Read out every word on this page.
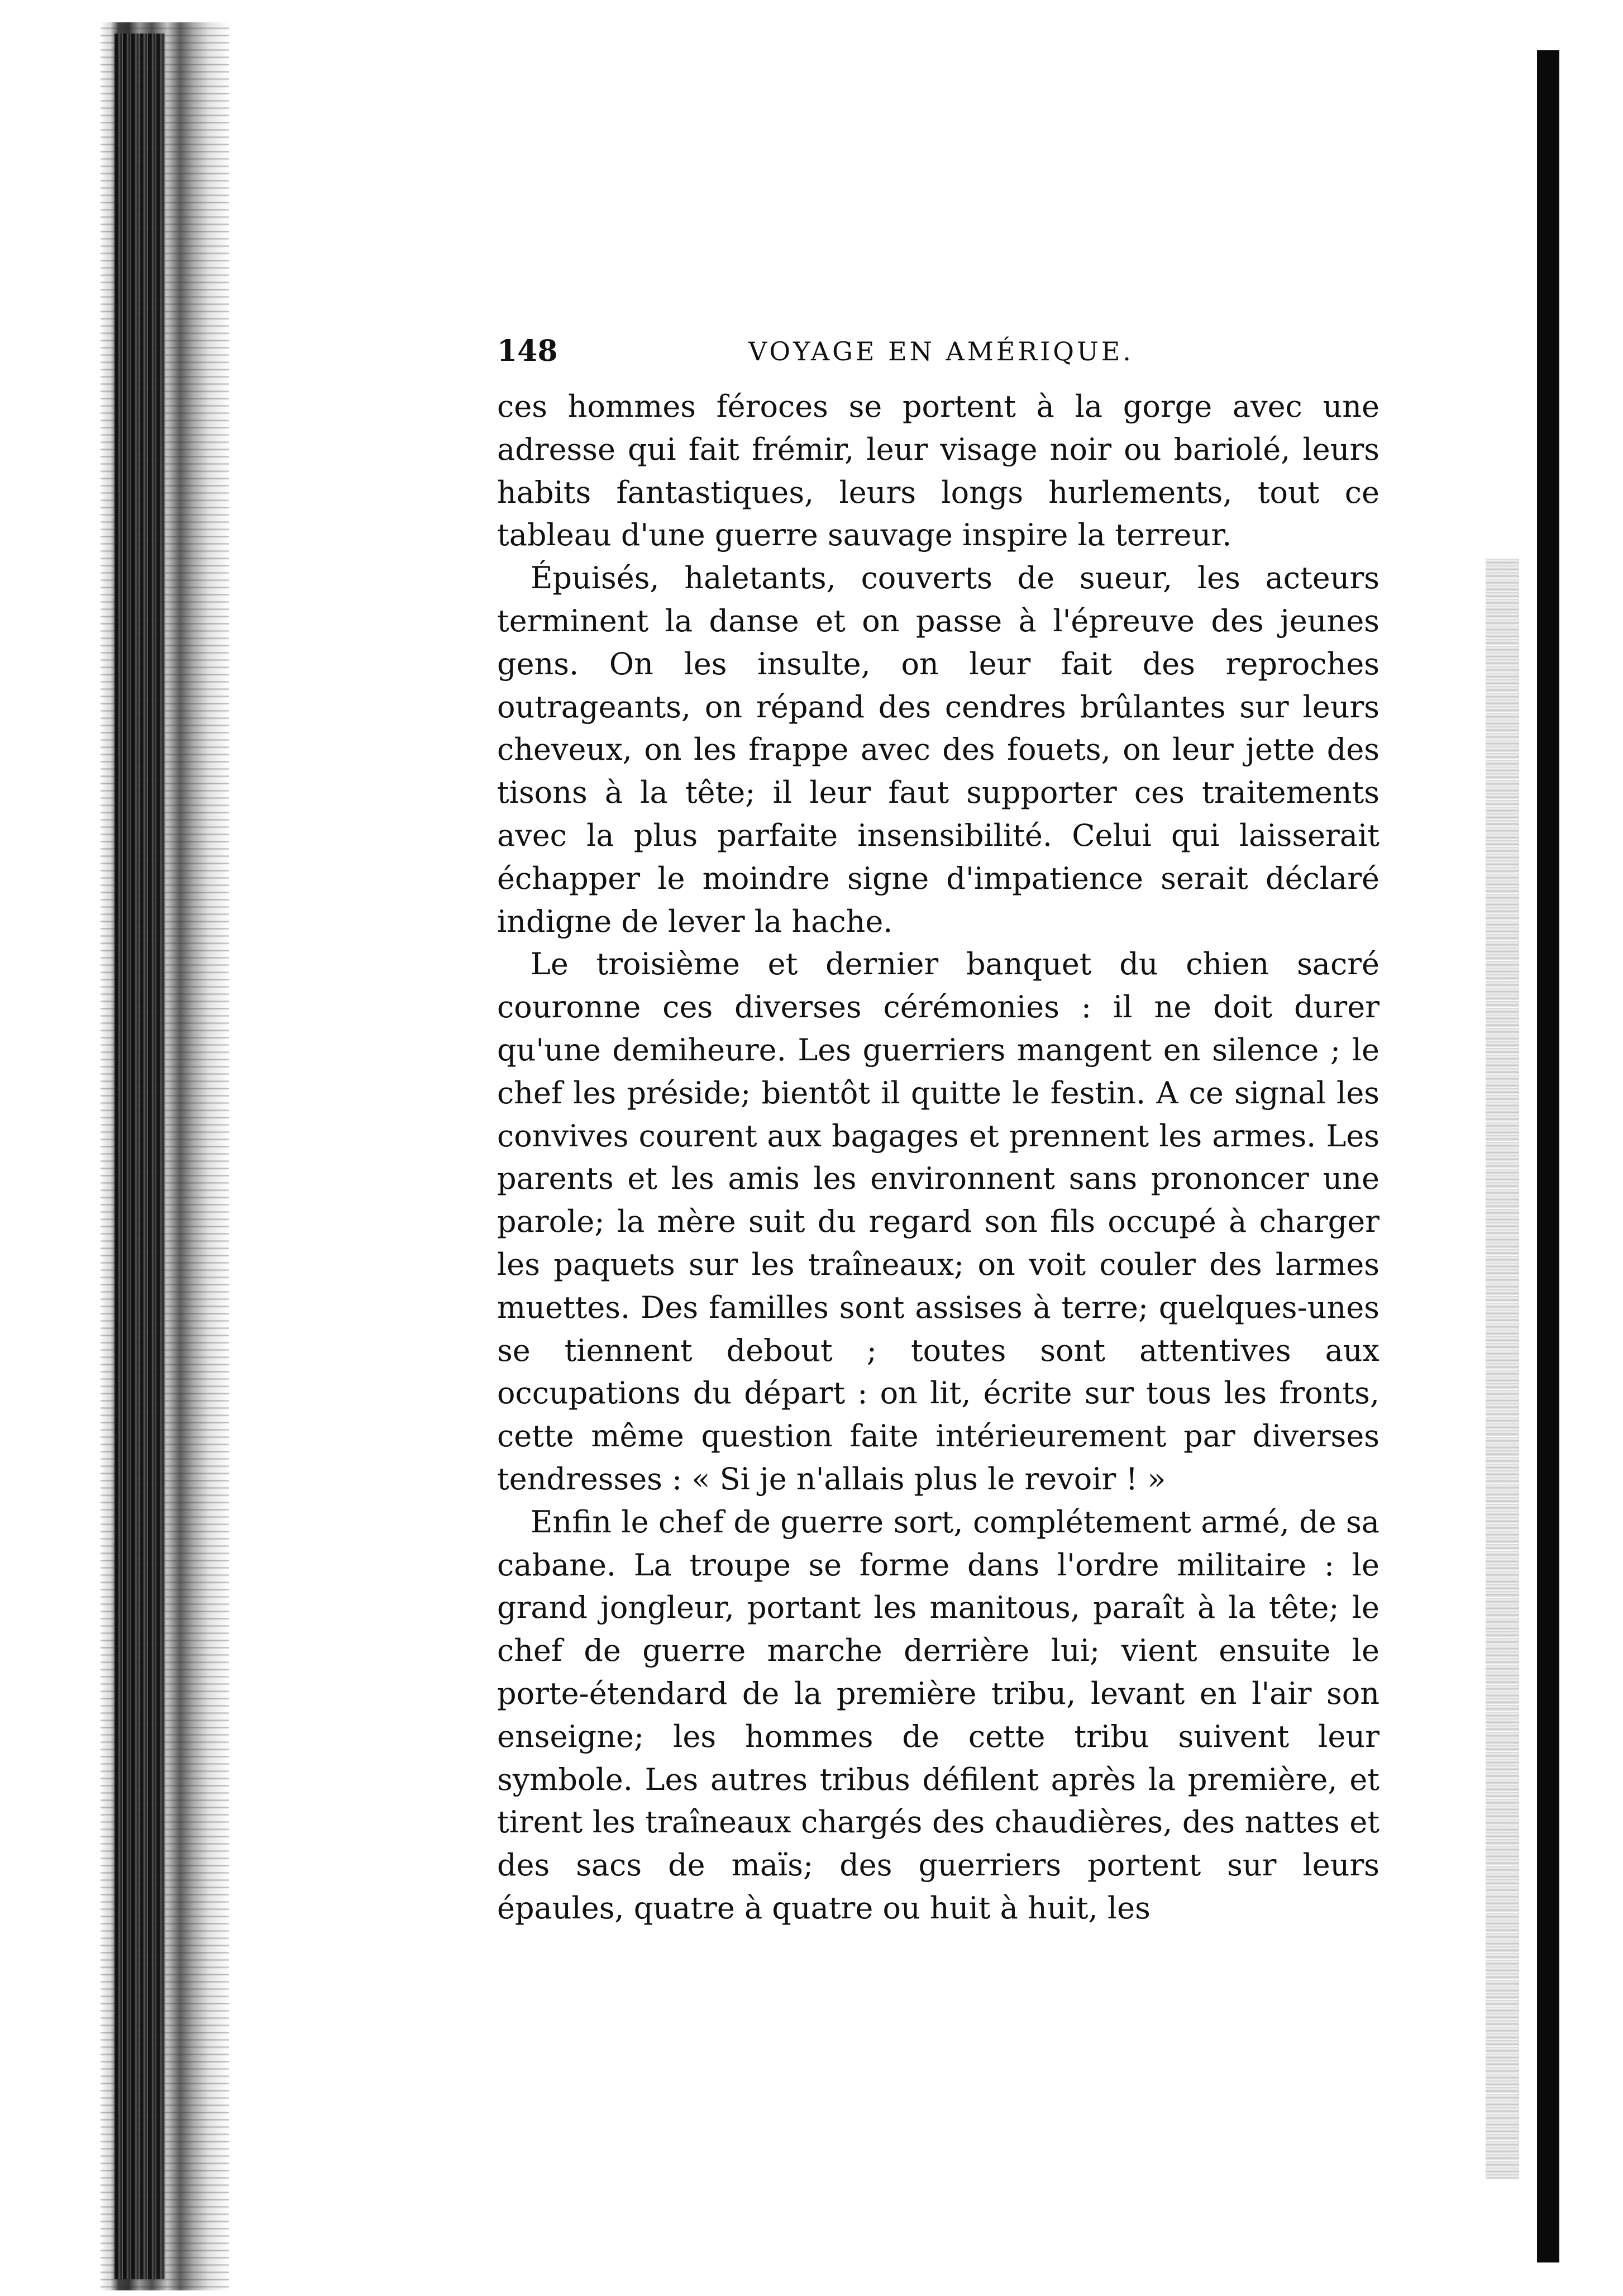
148	VOYAGE EN AMÉRIQUE.

ces hommes féroces se portent à la gorge avec une adresse qui fait frémir, leur visage noir ou bariolé, leurs habits fantastiques, leurs longs hurlements, tout ce tableau d'une guerre sauvage inspire la terreur.

Épuisés, haletants, couverts de sueur, les acteurs terminent la danse et on passe à l'épreuve des jeunes gens. On les insulte, on leur fait des reproches outrageants, on répand des cendres brûlantes sur leurs cheveux, on les frappe avec des fouets, on leur jette des tisons à la tête; il leur faut supporter ces traitements avec la plus parfaite insensibilité. Celui qui laisserait échapper le moindre signe d'impatience serait déclaré indigne de lever la hache.

Le troisième et dernier banquet du chien sacré couronne ces diverses cérémonies : il ne doit durer qu'une demiheure. Les guerriers mangent en silence ; le chef les préside; bientôt il quitte le festin. A ce signal les convives courent aux bagages et prennent les armes. Les parents et les amis les environnent sans prononcer une parole; la mère suit du regard son fils occupé à charger les paquets sur les traîneaux; on voit couler des larmes muettes. Des familles sont assises à terre; quelques-unes se tiennent debout ; toutes sont attentives aux occupations du départ : on lit, écrite sur tous les fronts, cette même question faite intérieurement par diverses tendresses : « Si je n'allais plus le revoir ! »

Enfin le chef de guerre sort, complétement armé, de sa cabane. La troupe se forme dans l'ordre militaire : le grand jongleur, portant les manitous, paraît à la tête; le chef de guerre marche derrière lui; vient ensuite le porte-étendard de la première tribu, levant en l'air son enseigne; les hommes de cette tribu suivent leur symbole. Les autres tribus défilent après la première, et tirent les traîneaux chargés des chaudières, des nattes et des sacs de maïs; des guerriers portent sur leurs épaules, quatre à quatre ou huit à huit, les
